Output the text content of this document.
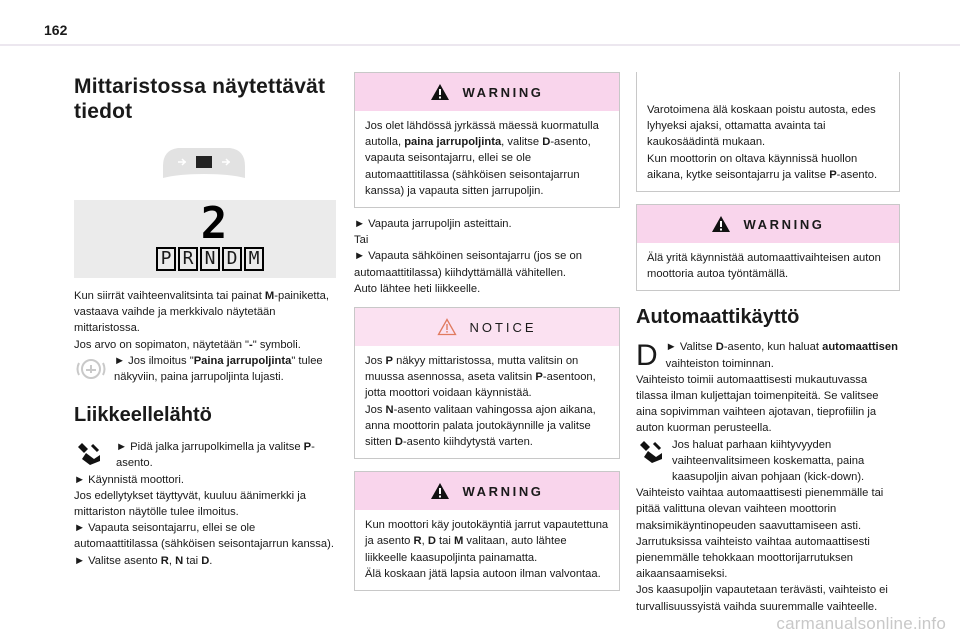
162
Mittaristossa näytettävät tiedot
2
P R N D M
Kun siirrät vaihteenvalitsinta tai painat M-painiketta, vastaava vaihde ja merkkivalo näytetään mittaristossa.
Jos arvo on sopimaton, näytetään "-" symboli.
► Jos ilmoitus "Paina jarrupoljinta" tulee näkyviin, paina jarrupoljinta lujasti.
Liikkeellelähtö
► Pidä jalka jarrupolkimella ja valitse P-asento.
► Käynnistä moottori.
Jos edellytykset täyttyvät, kuuluu äänimerkki ja mittariston näytölle tulee ilmoitus.
► Vapauta seisontajarru, ellei se ole automaattitilassa (sähköisen seisontajarrun kanssa).
► Valitse asento R, N tai D.
WARNING
Jos olet lähdössä jyrkässä mäessä kuormatulla autolla, paina jarrupoljinta, valitse D-asento, vapauta seisontajarru, ellei se ole automaattitilassa (sähköisen seisontajarrun kanssa) ja vapauta sitten jarrupoljin.
► Vapauta jarrupoljin asteittain.
Tai
► Vapauta sähköinen seisontajarru (jos se on automaattitilassa) kiihdyttämällä vähitellen.
Auto lähtee heti liikkeelle.
NOTICE
Jos P näkyy mittaristossa, mutta valitsin on muussa asennossa, aseta valitsin P-asentoon, jotta moottori voidaan käynnistää.
Jos N-asento valitaan vahingossa ajon aikana, anna moottorin palata joutokäynnille ja valitse sitten D-asento kiihdytystä varten.
WARNING
Kun moottori käy joutokäyntiä jarrut vapautettuna ja asento R, D tai M valitaan, auto lähtee liikkeelle kaasupoljinta painamatta.
Älä koskaan jätä lapsia autoon ilman valvontaa.
Varotoimena älä koskaan poistu autosta, edes lyhyeksi ajaksi, ottamatta avainta tai kaukosäädintä mukaan.
Kun moottorin on oltava käynnissä huollon aikana, kytke seisontajarru ja valitse P-asento.
WARNING
Älä yritä käynnistää automaattivaihteisen auton moottoria autoa työntämällä.
Automaattikäyttö
D ► Valitse D-asento, kun haluat automaattisen vaihteiston toiminnan.
Vaihteisto toimii automaattisesti mukautuvassa tilassa ilman kuljettajan toimenpiteitä. Se valitsee aina sopivimman vaihteen ajotavan, tieprofiilin ja auton kuorman perusteella.
Jos haluat parhaan kiihtyvyyden vaihteenvalitsimeen koskematta, paina kaasupoljin aivan pohjaan (kick-down).
Vaihteisto vaihtaa automaattisesti pienemmälle tai pitää valittuna olevan vaihteen moottorin maksimikäyntinopeuden saavuttamiseen asti.
Jarrutuksissa vaihteisto vaihtaa automaattisesti pienemmälle tehokkaan moottorijarrutuksen aikaansaamiseksi.
Jos kaasupoljin vapautetaan terävästi, vaihteisto ei turvallisuussyistä vaihda suuremmalle vaihteelle.
carmanualsonline.info
